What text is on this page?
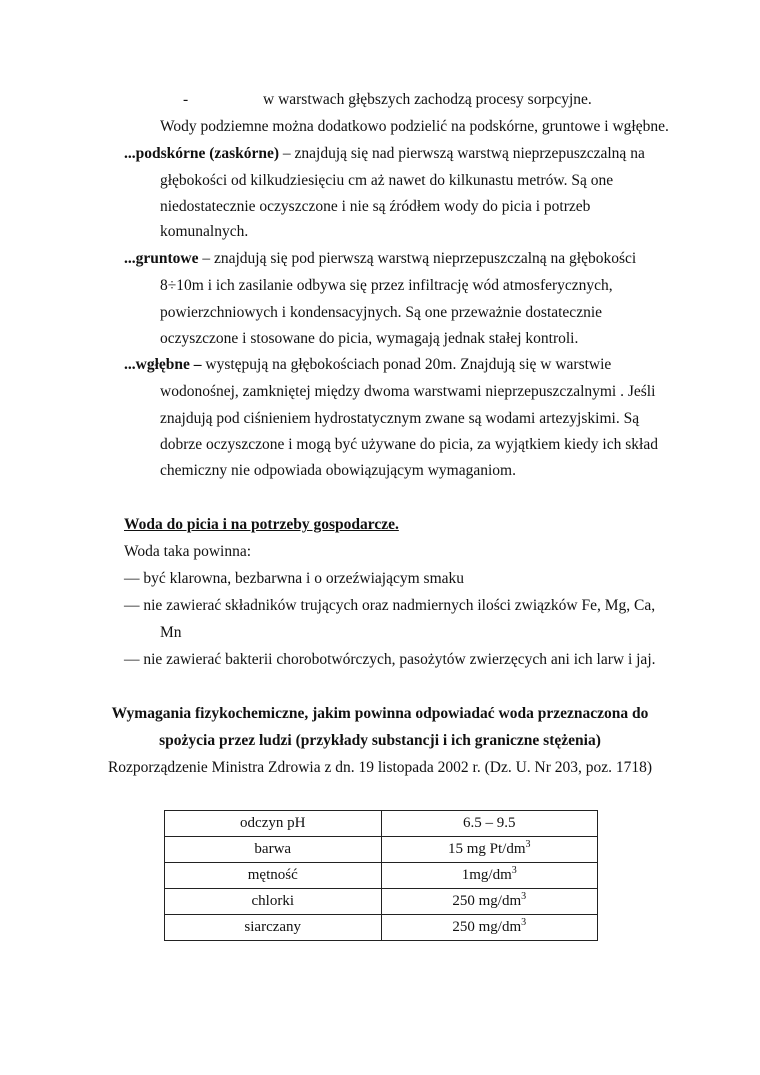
-	w warstwach głębszych zachodzą procesy sorpcyjne.
Wody podziemne można dodatkowo podzielić na podskórne, gruntowe i wgłębne.
...podskórne (zaskórne) – znajdują się nad pierwszą warstwą nieprzepuszczalną na
głębokości od kilkudziesięciu cm aż nawet do kilkunastu metrów. Są one
niedostatecznie oczyszczone i nie są źródłem wody do picia i potrzeb
komunalnych.
...gruntowe – znajdują się pod pierwszą warstwą nieprzepuszczalną na głębokości
8÷10m i ich zasilanie odbywa się przez infiltrację wód atmosferycznych,
powierzchniowych i kondensacyjnych. Są one przeważnie dostatecznie
oczyszczone i stosowane do picia, wymagają jednak stałej kontroli.
...wgłębne – występują na głębokościach ponad 20m. Znajdują się w warstwie
wodonośnej, zamkniętej między dwoma warstwami nieprzepuszczalnymi . Jeśli
znajdują pod ciśnieniem hydrostatycznym zwane są wodami artezyjskimi. Są
dobrze oczyszczone i mogą być używane do picia, za wyjątkiem kiedy ich skład
chemiczny nie odpowiada obowiązującym wymaganiom.
Woda do picia i na potrzeby gospodarcze.
Woda taka powinna:
— być klarowna, bezbarwna i o orzeźwiającym smaku
— nie zawierać składników trujących oraz nadmiernych ilości związków Fe, Mg, Ca,
Mn
— nie zawierać bakterii chorobotwórczych, pasożytów zwierzęcych ani ich larw i jaj.
Wymagania fizykochemiczne, jakim powinna odpowiadać woda przeznaczona do
spożycia przez ludzi (przykłady substancji i ich graniczne stężenia)
Rozporządzenie Ministra Zdrowia z dn. 19 listopada 2002 r. (Dz. U. Nr 203, poz. 1718)
odczyn pH	6.5 – 9.5
barwa	15 mg $Pt/dm^3$
mętność	$1mg/dm^3$
chlorki	250 $mg/dm^3$
siarczany	250 $mg/dm^3$
